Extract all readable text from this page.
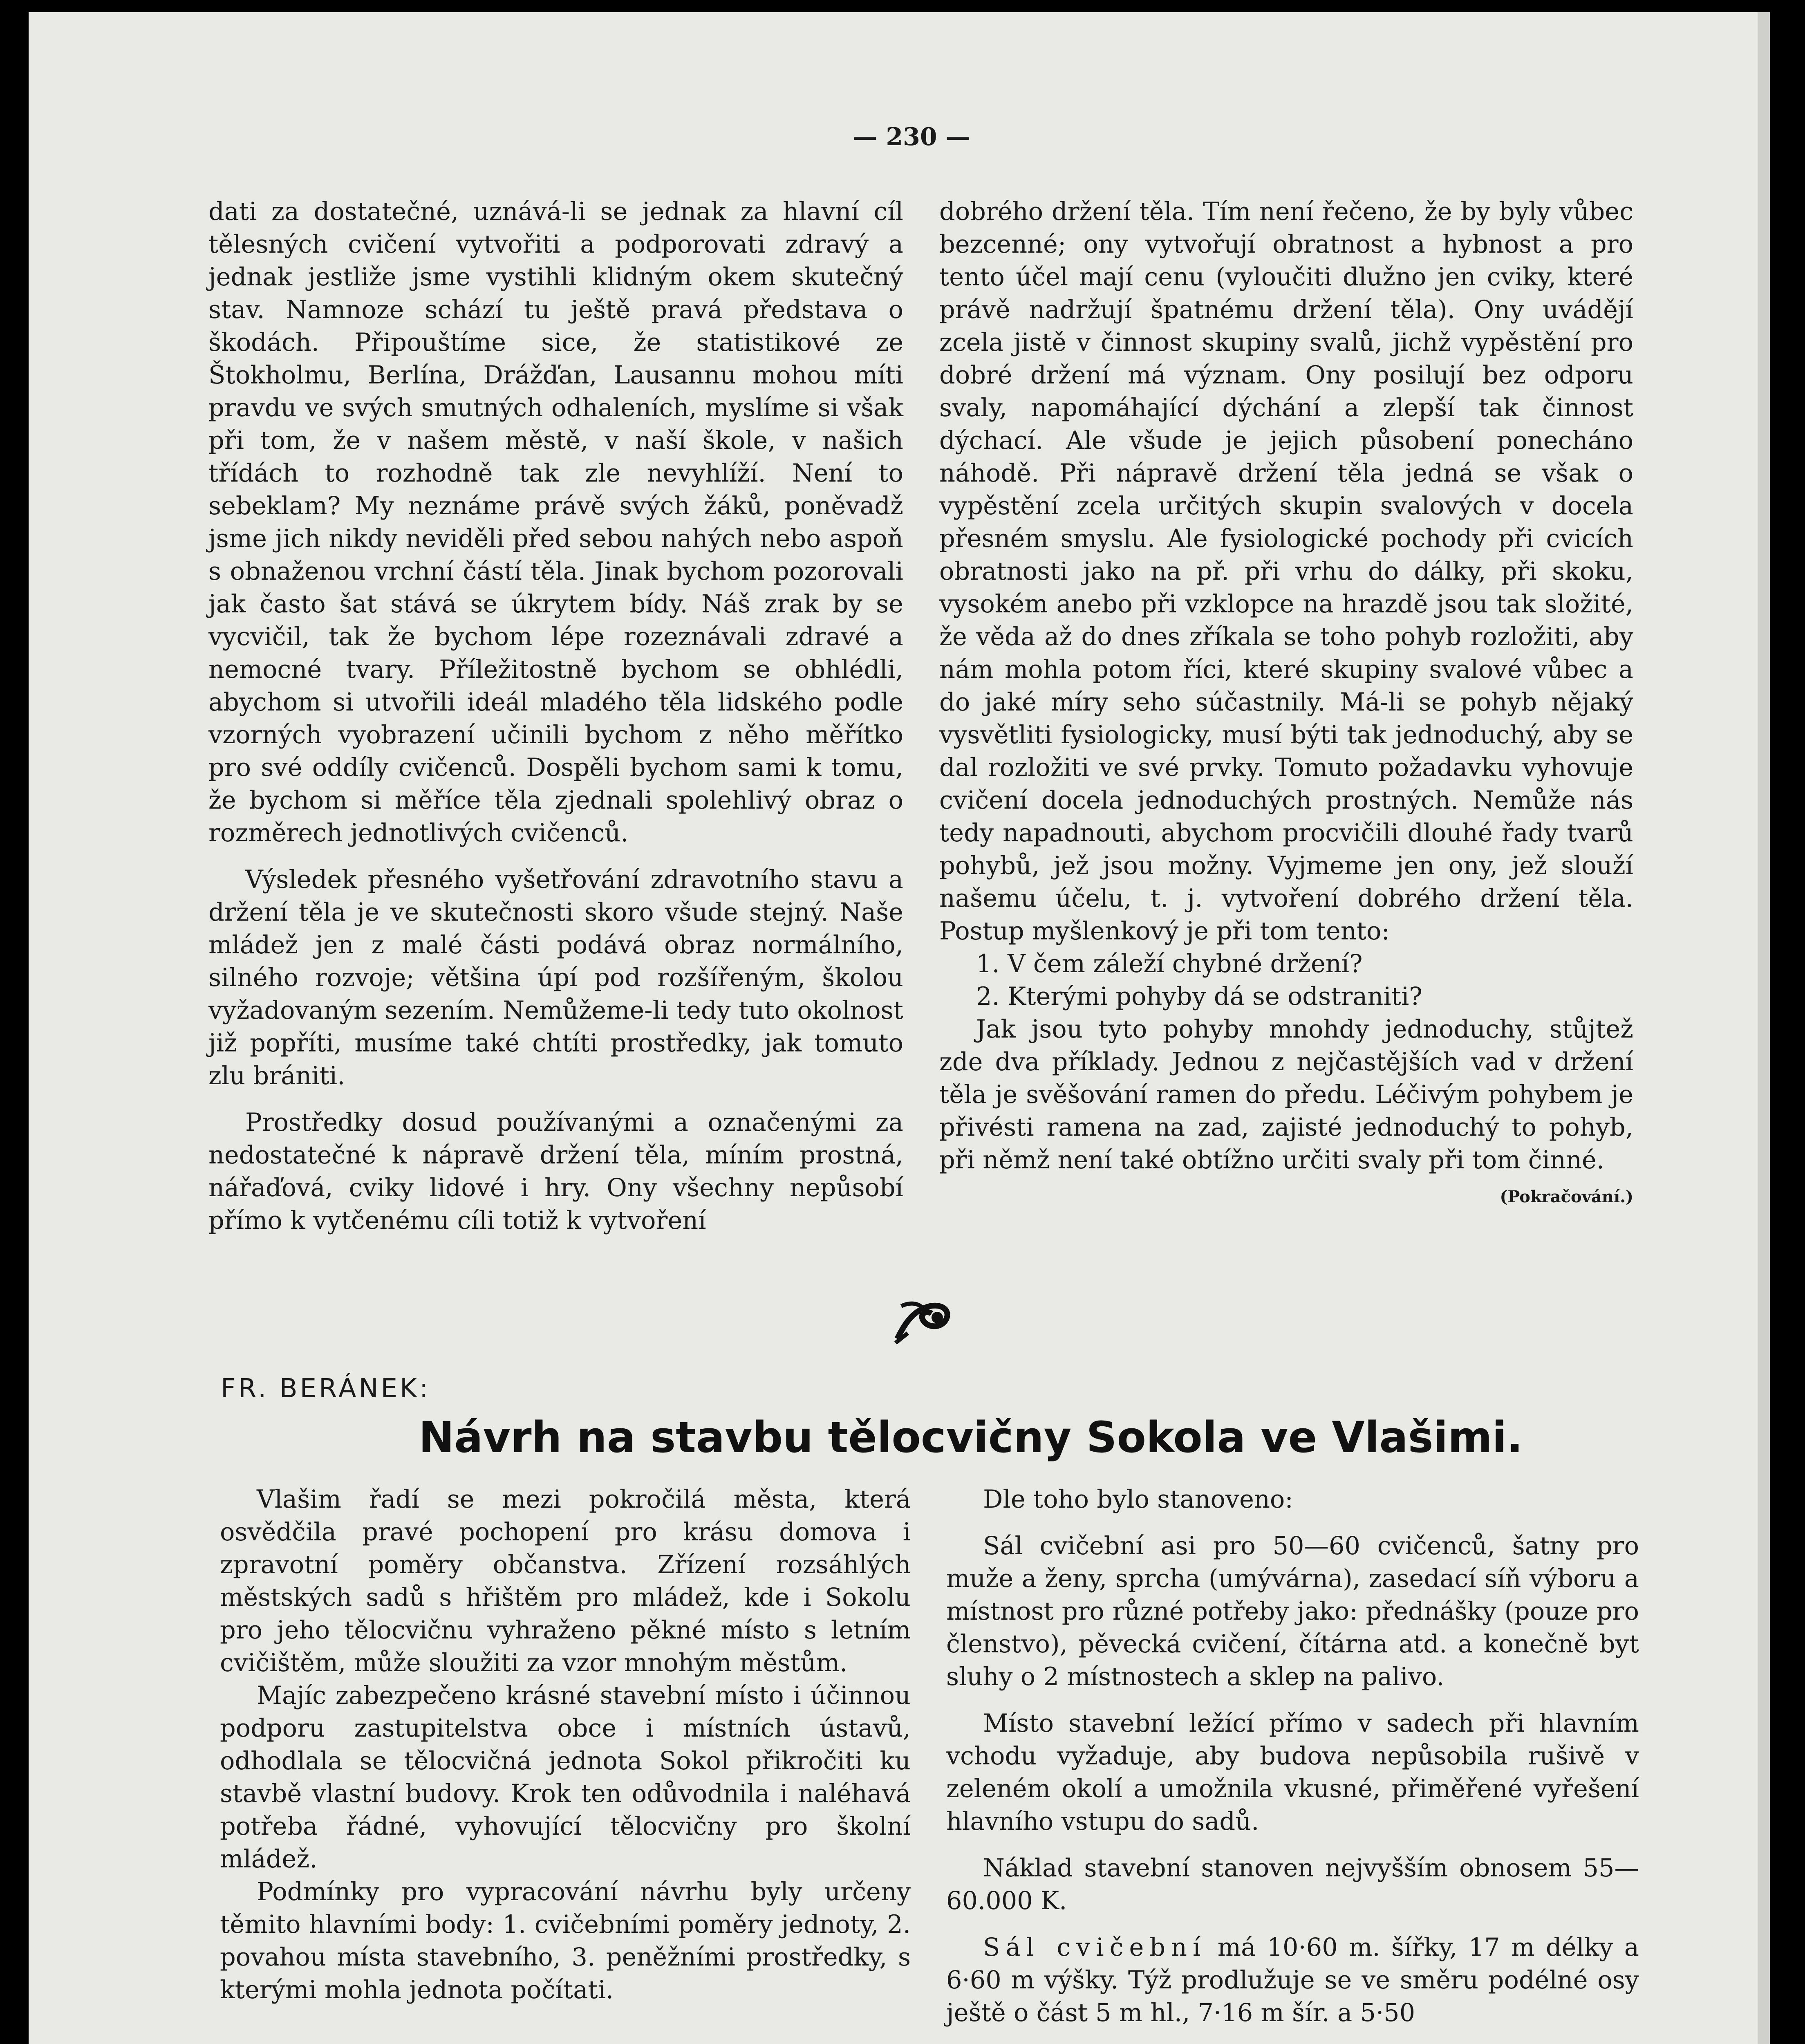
— 230 —

dati za dostatečné, uznává-li se jednak za hlavní cíl tělesných cvičení vytvořiti a podporovati zdravý a jednak jestliže jsme vystihli klidným okem skutečný stav. Namnoze schází tu ještě pravá představa o škodách. Připouštíme sice, že statistikové ze Štokholmu, Berlína, Drážďan, Lausannu mohou míti pravdu ve svých smutných odhaleních, myslíme si však při tom, že v našem městě, v naší škole, v našich třídách to rozhodně tak zle nevyhlíží. Není to sebeklam? My neznáme právě svých žáků, poněvadž jsme jich nikdy neviděli před sebou nahých nebo aspoň s obnaženou vrchní částí těla. Jinak bychom pozorovali jak často šat stává se úkrytem bídy. Náš zrak by se vycvičil, tak že bychom lépe rozeznávali zdravé a nemocné tvary. Příležitostně bychom se obhlédli, abychom si utvořili ideál mladého těla lidského podle vzorných vyobrazení učinili bychom z něho měřítko pro své oddíly cvičenců. Dospěli bychom sami k tomu, že bychom si měříce těla zjednali spolehlivý obraz o rozměrech jednotlivých cvičenců.

Výsledek přesného vyšetřování zdravotního stavu a držení těla je ve skutečnosti skoro všude stejný. Naše mládež jen z malé části podává obraz normálního, silného rozvoje; většina úpí pod rozšířeným, školou vyžadovaným sezením. Nemůžeme-li tedy tuto okolnost již popříti, musíme také chtíti prostředky, jak tomuto zlu brániti.

Prostředky dosud používanými a označenými za nedostatečné k nápravě držení těla, míním prostná, nářaďová, cviky lidové i hry. Ony všechny nepůsobí přímo k vytčenému cíli totiž k vytvoření

dobrého držení těla. Tím není řečeno, že by byly vůbec bezcenné; ony vytvořují obratnost a hybnost a pro tento účel mají cenu (vyloučiti dlužno jen cviky, které právě nadržují špatnému držení těla). Ony uvádějí zcela jistě v činnost skupiny svalů, jichž vypěstění pro dobré držení má význam. Ony posilují bez odporu svaly, napomáhající dýchání a zlepší tak činnost dýchací. Ale všude je jejich působení ponecháno náhodě. Při nápravě držení těla jedná se však o vypěstění zcela určitých skupin svalových v docela přesném smyslu. Ale fysiologické pochody při cvicích obratnosti jako na př. při vrhu do dálky, při skoku, vysokém anebo při vzklopce na hrazdě jsou tak složité, že věda až do dnes zříkala se toho pohyb rozložiti, aby nám mohla potom říci, které skupiny svalové vůbec a do jaké míry seho súčastnily. Má-li se pohyb nějaký vysvětliti fysiologicky, musí býti tak jednoduchý, aby se dal rozložiti ve své prvky. Tomuto požadavku vyhovuje cvičení docela jednoduchých prostných. Nemůže nás tedy napadnouti, abychom procvičili dlouhé řady tvarů pohybů, jež jsou možny. Vyjmeme jen ony, jež slouží našemu účelu, t. j. vytvoření dobrého držení těla. Postup myšlenkový je při tom tento:

1. V čem záleží chybné držení?

2. Kterými pohyby dá se odstraniti?

Jak jsou tyto pohyby mnohdy jednoduchy, stůjtež zde dva příklady. Jednou z nejčastějších vad v držení těla je svěšování ramen do předu. Léčivým pohybem je přivésti ramena na zad, zajisté jednoduchý to pohyb, při němž není také obtížno určiti svaly při tom činné.
(Pokračování.)

FR. BERÁNEK:
Návrh na stavbu tělocvičny Sokola ve Vlašimi.

Vlašim řadí se mezi pokročilá města, která osvědčila pravé pochopení pro krásu domova i zpravotní poměry občanstva. Zřízení rozsáhlých městských sadů s hřištěm pro mládež, kde i Sokolu pro jeho tělocvičnu vyhraženo pěkné místo s letním cvičištěm, může sloužiti za vzor mnohým městům.

Majíc zabezpečeno krásné stavební místo i účinnou podporu zastupitelstva obce i místních ústavů, odhodlala se tělocvičná jednota Sokol přikročiti ku stavbě vlastní budovy. Krok ten odůvodnila i naléhavá potřeba řádné, vyhovující tělocvičny pro školní mládež.

Podmínky pro vypracování návrhu byly určeny těmito hlavními body: 1. cvičebními poměry jednoty, 2. povahou místa stavebního, 3. peněžními prostředky, s kterými mohla jednota počítati.

Dle toho bylo stanoveno:

Sál cvičební asi pro 50—60 cvičenců, šatny pro muže a ženy, sprcha (umývárna), zasedací síň výboru a místnost pro různé potřeby jako: přednášky (pouze pro členstvo), pěvecká cvičení, čítárna atd. a konečně byt sluhy o 2 místnostech a sklep na palivo.

Místo stavební ležící přímo v sadech při hlavním vchodu vyžaduje, aby budova nepůsobila rušivě v zeleném okolí a umožnila vkusné, přiměřené vyřešení hlavního vstupu do sadů.

Náklad stavební stanoven nejvyšším obnosem 55—60.000 K.

Sál cvičební má 10·60 m. šířky, 17 m délky a 6·60 m výšky. Týž prodlužuje se ve směru podélné osy ještě o část 5 m hl., 7·16 m šír. a 5·50
